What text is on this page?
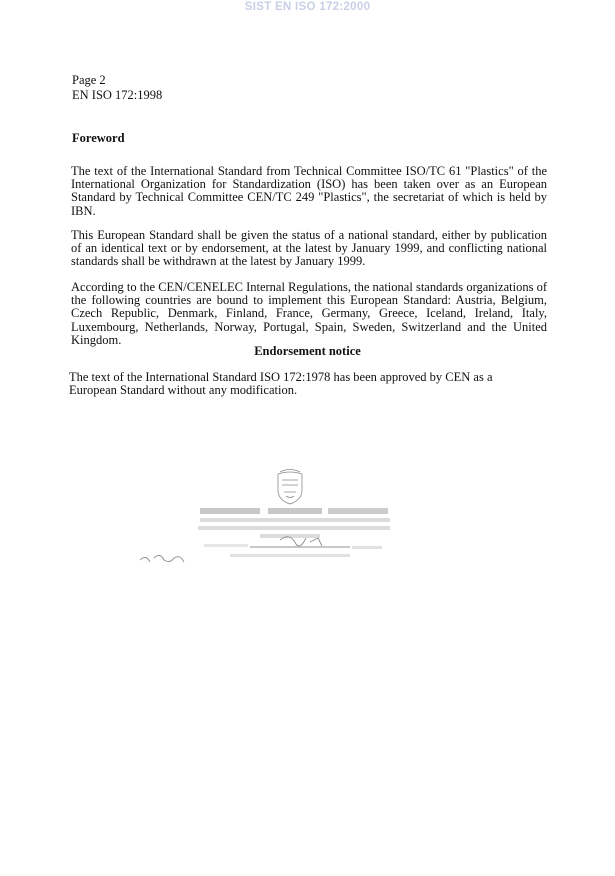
SIST EN ISO 172:2000
Page 2
EN ISO 172:1998
Foreword
The text of the International Standard from Technical Committee ISO/TC 61 "Plastics" of the International Organization for Standardization (ISO) has been taken over as an European Standard by Technical Committee CEN/TC 249 "Plastics", the secretariat of which is held by IBN.
This European Standard shall be given the status of a national standard, either by publication of an identical text or by endorsement, at the latest by January 1999, and conflicting national standards shall be withdrawn at the latest by January 1999.
According to the CEN/CENELEC Internal Regulations, the national standards organizations of the following countries are bound to implement this European Standard: Austria, Belgium, Czech Republic, Denmark, Finland, France, Germany, Greece, Iceland, Ireland, Italy, Luxembourg, Netherlands, Norway, Portugal, Spain, Sweden, Switzerland and the United Kingdom.
Endorsement notice
The text of the International Standard ISO 172:1978 has been approved by CEN as a European Standard without any modification.
